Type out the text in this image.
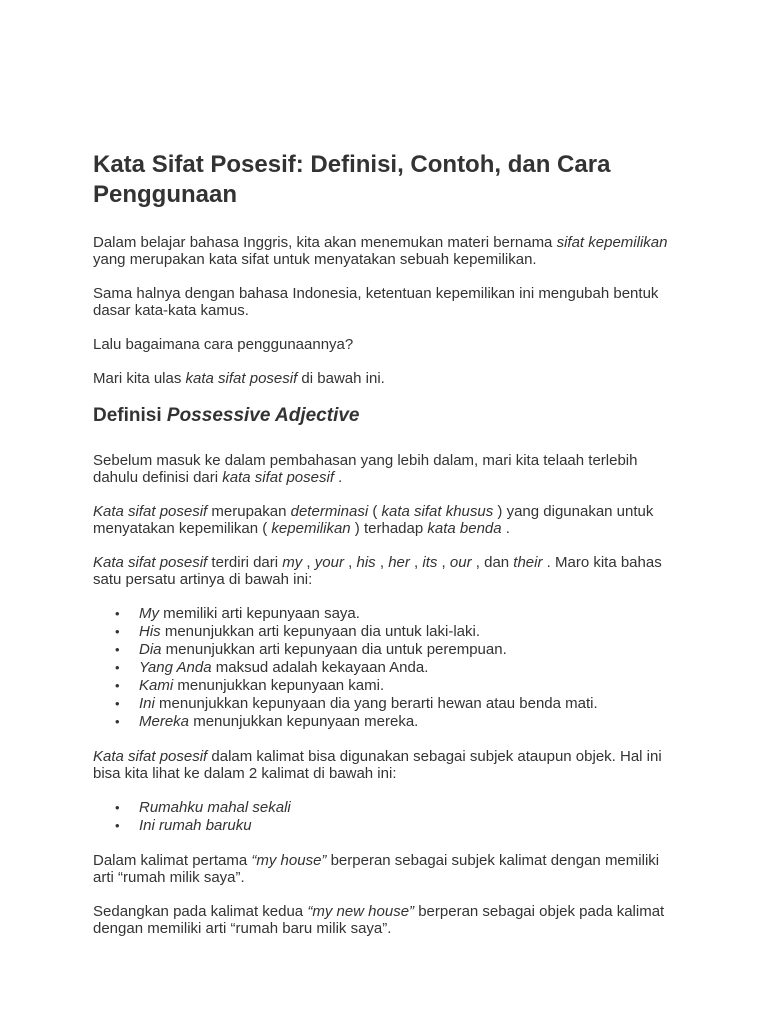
Kata Sifat Posesif: Definisi, Contoh, dan Cara Penggunaan

Dalam belajar bahasa Inggris, kita akan menemukan materi bernama sifat kepemilikan yang merupakan kata sifat untuk menyatakan sebuah kepemilikan.

Sama halnya dengan bahasa Indonesia, ketentuan kepemilikan ini mengubah bentuk dasar kata-kata kamus.

Lalu bagaimana cara penggunaannya?

Mari kita ulas kata sifat posesif di bawah ini.

Definisi Possessive Adjective

Sebelum masuk ke dalam pembahasan yang lebih dalam, mari kita telaah terlebih dahulu definisi dari kata sifat posesif .

Kata sifat posesif merupakan determinasi ( kata sifat khusus ) yang digunakan untuk menyatakan kepemilikan ( kepemilikan ) terhadap kata benda .

Kata sifat posesif terdiri dari my , your , his , her , its , our , dan their . Maro kita bahas satu persatu artinya di bawah ini:

• My memiliki arti kepunyaan saya.
• His menunjukkan arti kepunyaan dia untuk laki-laki.
• Dia menunjukkan arti kepunyaan dia untuk perempuan.
• Yang Anda maksud adalah kekayaan Anda.
• Kami menunjukkan kepunyaan kami.
• Ini menunjukkan kepunyaan dia yang berarti hewan atau benda mati.
• Mereka menunjukkan kepunyaan mereka.

Kata sifat posesif dalam kalimat bisa digunakan sebagai subjek ataupun objek. Hal ini bisa kita lihat ke dalam 2 kalimat di bawah ini:

• Rumahku mahal sekali
• Ini rumah baruku

Dalam kalimat pertama “my house” berperan sebagai subjek kalimat dengan memiliki arti “rumah milik saya”.

Sedangkan pada kalimat kedua “my new house” berperan sebagai objek pada kalimat dengan memiliki arti “rumah baru milik saya”.
